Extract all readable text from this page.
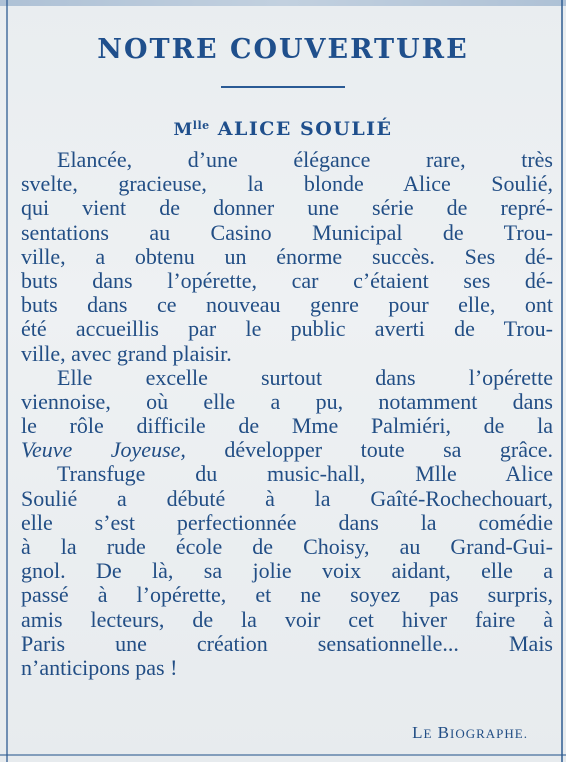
NOTRE COUVERTURE
$M^{lle}$ ALICE SOULIÉ
Elancée, d’une élégance rare, très
svelte, gracieuse, la blonde Alice Soulié,
qui vient de donner une série de repré-
sentations au Casino Municipal de Trou-
ville, a obtenu un énorme succès. Ses dé-
buts dans l’opérette, car c’étaient ses dé-
buts dans ce nouveau genre pour elle, ont
été accueillis par le public averti de Trou-
ville, avec grand plaisir.
Elle excelle surtout dans l’opérette
viennoise, où elle a pu, notamment dans
le rôle difficile de Mme Palmiéri, de la
Veuve Joyeuse, développer toute sa grâce.
Transfuge du music-hall, Mlle Alice
Soulié a débuté à la Gaîté-Rochechouart,
elle s’est perfectionnée dans la comédie
à la rude école de Choisy, au Grand-Gui-
gnol. De là, sa jolie voix aidant, elle a
passé à l’opérette, et ne soyez pas surpris,
amis lecteurs, de la voir cet hiver faire à
Paris une création sensationnelle... Mais
n’anticipons pas !
LE BIOGRAPHE.
